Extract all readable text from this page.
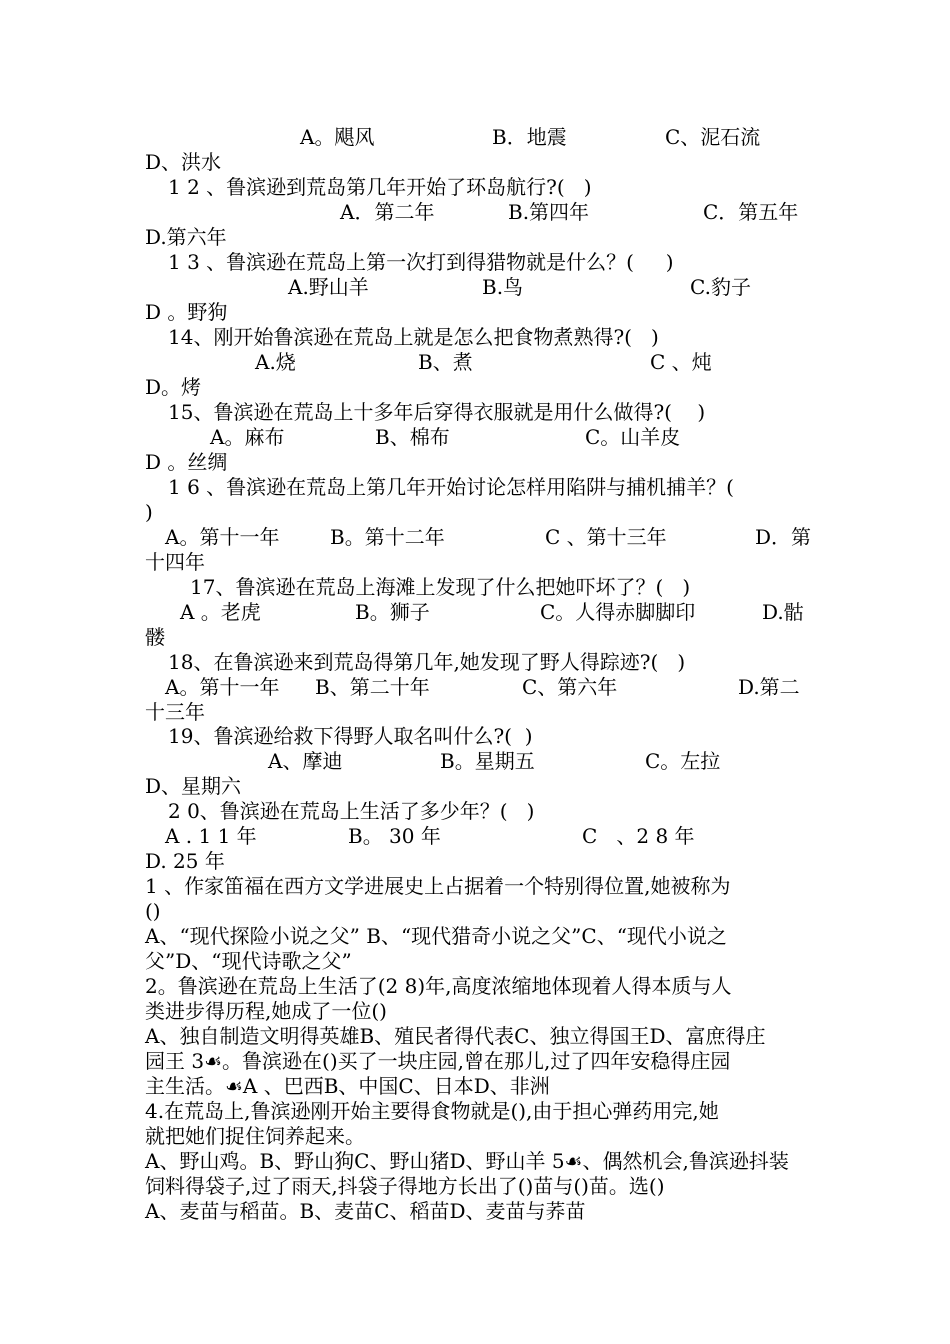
A。飓风	B．地震	C、泥石流
D、洪水
1 2 、鲁滨逊到荒岛第几年开始了环岛航行?(   )
A．第二年	B.第四年	C．第五年
D.第六年
1 3 、鲁滨逊在荒岛上第一次打到得猎物就是什么？(     )
A.野山羊	B.鸟	C.豹子
D 。野狗
14、刚开始鲁滨逊在荒岛上就是怎么把食物煮熟得?(   )
A.烧	B、煮	C 、炖
D。烤
15、鲁滨逊在荒岛上十多年后穿得衣服就是用什么做得?(    )
A。麻布	B、棉布	C。山羊皮
D 。丝绸
1 6 、鲁滨逊在荒岛上第几年开始讨论怎样用陷阱与捕机捕羊？(
)
A。第十一年	B。第十二年	C 、第十三年	D．第
十四年
17、鲁滨逊在荒岛上海滩上发现了什么把她吓坏了？(   )
A 。老虎	B。狮子	C。人得赤脚脚印	D.骷
髅
18、在鲁滨逊来到荒岛得第几年,她发现了野人得踪迹?(   )
A。第十一年 B、第二十年	C、第六年	D.第二
十三年
19、鲁滨逊给救下得野人取名叫什么?(  )
A、摩迪	B。星期五	C。左拉
D、星期六
2 0、鲁滨逊在荒岛上生活了多少年？(   )
A . 1 1 年	B。 30 年	C   、2 8 年
D. 25 年
1 、作家笛福在西方文学进展史上占据着一个特别得位置,她被称为
()
A、“现代探险小说之父” B、“现代猎奇小说之父”C、“现代小说之
父”D、“现代诗歌之父”
2。鲁滨逊在荒岛上生活了(2 8)年,高度浓缩地体现着人得本质与人
类进步得历程,她成了一位()
A、独自制造文明得英雄B、殖民者得代表C、独立得国王D、富庶得庄
园王 3☙。鲁滨逊在()买了一块庄园,曾在那儿,过了四年安稳得庄园
主生活。☙A 、巴西B、中国C、日本D、非洲
4.在荒岛上,鲁滨逊刚开始主要得食物就是(),由于担心弹药用完,她
就把她们捉住饲养起来。
A、野山鸡。B、野山狗C、野山猪D、野山羊 5☙、偶然机会,鲁滨逊抖装
饲料得袋子,过了雨天,抖袋子得地方长出了()苗与()苗。选()
A、麦苗与稻苗。B、麦苗C、稻苗D、麦苗与荞苗
